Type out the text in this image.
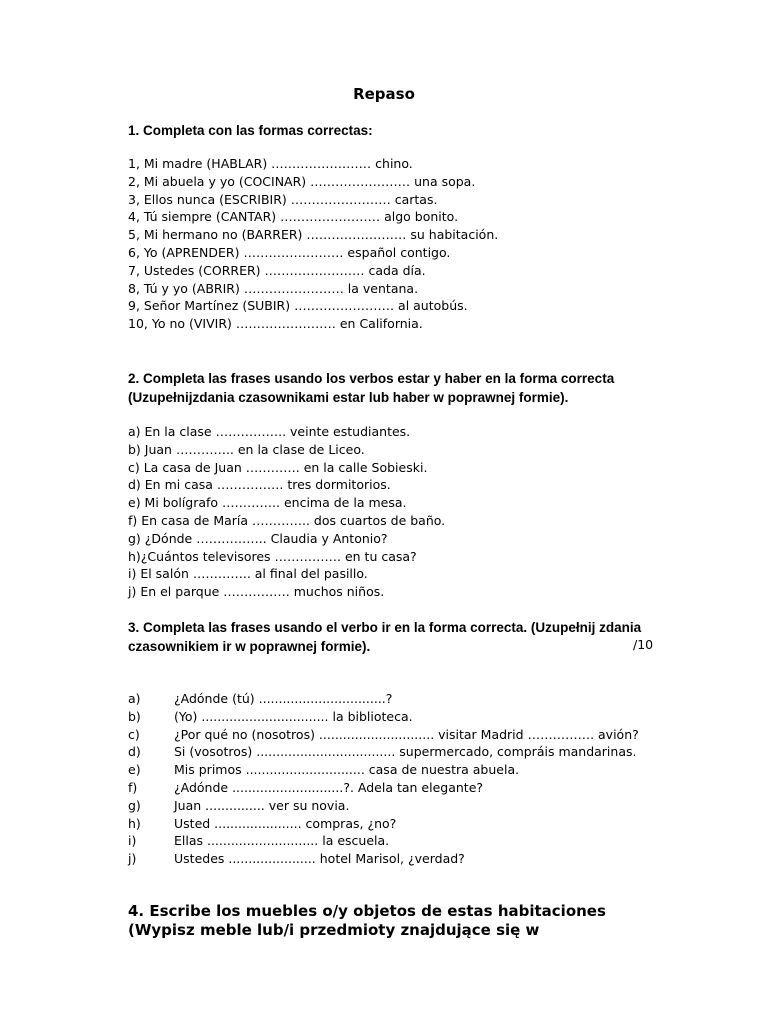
Repaso
1. Completa con las formas correctas:
1, Mi madre (HABLAR) …………………… chino.
2, Mi abuela y yo (COCINAR) …………………… una sopa.
3, Ellos nunca (ESCRIBIR) …………………… cartas.
4, Tú siempre (CANTAR) …………………… algo bonito.
5, Mi hermano no (BARRER) …………………… su habitación.
6, Yo (APRENDER) …………………… español contigo.
7, Ustedes (CORRER) …………………… cada día.
8, Tú y yo (ABRIR) …………………… la ventana.
9, Señor Martínez (SUBIR) …………………… al autobús.
10, Yo no (VIVIR) …………………… en California.
2. Completa las frases usando los verbos estar y haber en la forma correcta
(Uzupełnijzdania czasownikami estar lub haber w poprawnej formie).
a) En la clase …………….. veinte estudiantes.
b) Juan ………….. en la clase de Liceo.
c) La casa de Juan …………. en la calle Sobieski.
d) En mi casa ……………. tres dormitorios.
e) Mi bolígrafo ………….. encima de la mesa.
f) En casa de María ………….. dos cuartos de baño.
g) ¿Dónde …………….. Claudia y Antonio?
h)¿Cuántos televisores ……………. en tu casa?
i) El salón ………….. al final del pasillo.
j) En el parque ……………. muchos niños.
3. Completa las frases usando el verbo ir en la forma correcta. (Uzupełnij zdania
czasownikiem ir w poprawnej formie).	/10
a)	¿Adónde (tú) ................................?
b)	(Yo) ................................ la biblioteca.
c)	¿Por qué no (nosotros) ............................. visitar Madrid ……………. avión?
d)	Si (vosotros) ................................... supermercado, compráis mandarinas.
e)	Mis primos .............................. casa de nuestra abuela.
f)	¿Adónde ............................?. Adela tan elegante?
g)	Juan ............... ver su novia.
h)	Usted ...................... compras, ¿no?
i)	Ellas ............................ la escuela.
j)	Ustedes ...................... hotel Marisol, ¿verdad?
4. Escribe los muebles o/y objetos de estas habitaciones
(Wypisz meble lub/i przedmioty znajdujące się w
